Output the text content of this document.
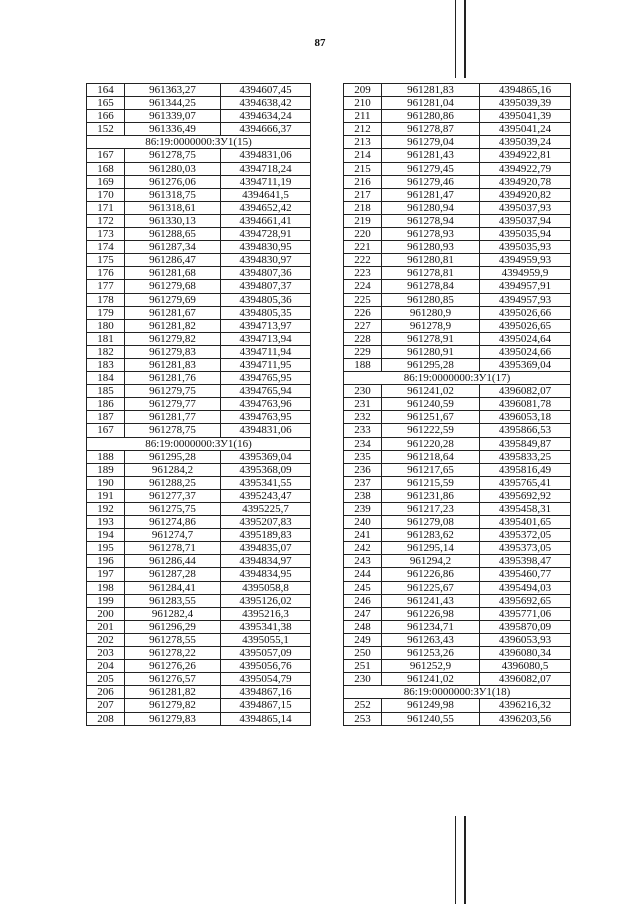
87
164	961363,27	4394607,45
165	961344,25	4394638,42
166	961339,07	4394634,24
152	961336,49	4394666,37
86:19:0000000:ЗУ1(15)		
167	961278,75	4394831,06
168	961280,03	4394718,24
169	961276,06	4394711,19
170	961318,75	4394641,5
171	961318,61	4394652,42
172	961330,13	4394661,41
173	961288,65	4394728,91
174	961287,34	4394830,95
175	961286,47	4394830,97
176	961281,68	4394807,36
177	961279,68	4394807,37
178	961279,69	4394805,36
179	961281,67	4394805,35
180	961281,82	4394713,97
181	961279,82	4394713,94
182	961279,83	4394711,94
183	961281,83	4394711,95
184	961281,76	4394765,95
185	961279,75	4394765,94
186	961279,77	4394763,96
187	961281,77	4394763,95
167	961278,75	4394831,06
86:19:0000000:ЗУ1(16)		
188	961295,28	4395369,04
189	961284,2	4395368,09
190	961288,25	4395341,55
191	961277,37	4395243,47
192	961275,75	4395225,7
193	961274,86	4395207,83
194	961274,7	4395189,83
195	961278,71	4394835,07
196	961286,44	4394834,97
197	961287,28	4394834,95
198	961284,41	4395058,8
199	961283,55	4395126,02
200	961282,4	4395216,3
201	961296,29	4395341,38
202	961278,55	4395055,1
203	961278,22	4395057,09
204	961276,26	4395056,76
205	961276,57	4395054,79
206	961281,82	4394867,16
207	961279,82	4394867,15
208	961279,83	4394865,14
209	961281,83	4394865,16
210	961281,04	4395039,39
211	961280,86	4395041,39
212	961278,87	4395041,24
213	961279,04	4395039,24
214	961281,43	4394922,81
215	961279,45	4394922,79
216	961279,46	4394920,78
217	961281,47	4394920,82
218	961280,94	4395037,93
219	961278,94	4395037,94
220	961278,93	4395035,94
221	961280,93	4395035,93
222	961280,81	4394959,93
223	961278,81	4394959,9
224	961278,84	4394957,91
225	961280,85	4394957,93
226	961280,9	4395026,66
227	961278,9	4395026,65
228	961278,91	4395024,64
229	961280,91	4395024,66
188	961295,28	4395369,04
86:19:0000000:ЗУ1(17)		
230	961241,02	4396082,07
231	961240,59	4396081,78
232	961251,67	4396053,18
233	961222,59	4395866,53
234	961220,28	4395849,87
235	961218,64	4395833,25
236	961217,65	4395816,49
237	961215,59	4395765,41
238	961231,86	4395692,92
239	961217,23	4395458,31
240	961279,08	4395401,65
241	961283,62	4395372,05
242	961295,14	4395373,05
243	961294,2	4395398,47
244	961226,86	4395460,77
245	961225,67	4395494,03
246	961241,43	4395692,65
247	961226,98	4395771,06
248	961234,71	4395870,09
249	961263,43	4396053,93
250	961253,26	4396080,34
251	961252,9	4396080,5
230	961241,02	4396082,07
86:19:0000000:ЗУ1(18)		
252	961249,98	4396216,32
253	961240,55	4396203,56
